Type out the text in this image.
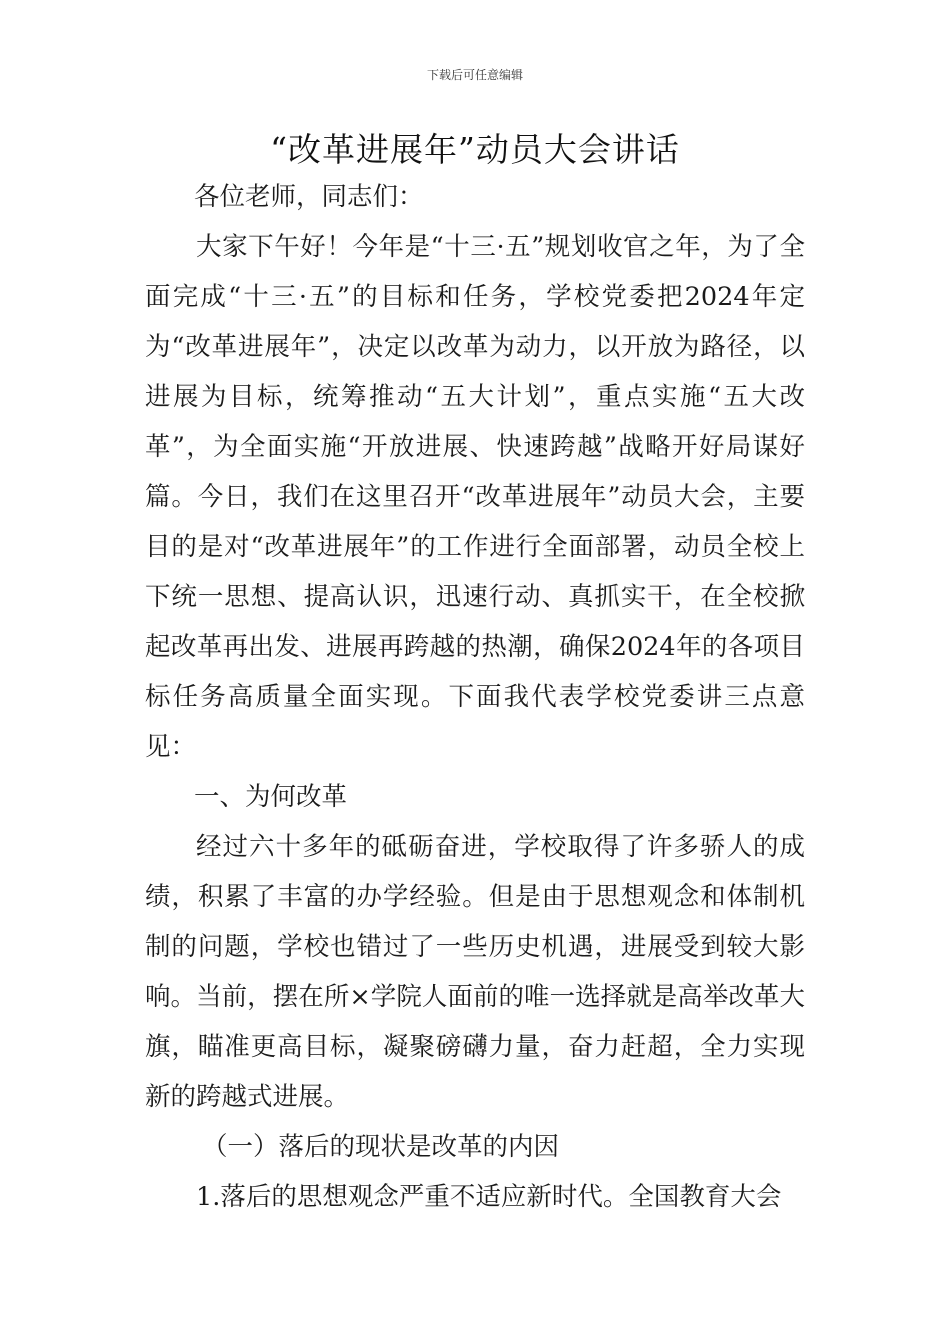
下载后可任意编辑
“改革进展年”动员大会讲话

各位老师，同志们：

大家下午好！今年是“十三·五”规划收官之年，为了全面完成“十三·五”的目标和任务，学校党委把2024年定为“改革进展年”，决定以改革为动力，以开放为路径，以进展为目标，统筹推动“五大计划”，重点实施“五大改革”，为全面实施“开放进展、快速跨越”战略开好局谋好篇。今日，我们在这里召开“改革进展年”动员大会，主要目的是对“改革进展年”的工作进行全面部署，动员全校上下统一思想、提高认识，迅速行动、真抓实干，在全校掀起改革再出发、进展再跨越的热潮，确保2024年的各项目标任务高质量全面实现。下面我代表学校党委讲三点意见：

一、为何改革

经过六十多年的砥砺奋进，学校取得了许多骄人的成绩，积累了丰富的办学经验。但是由于思想观念和体制机制的问题，学校也错过了一些历史机遇，进展受到较大影响。当前，摆在所×学院人面前的唯一选择就是高举改革大旗，瞄准更高目标，凝聚磅礴力量，奋力赶超，全力实现新的跨越式进展。

（一）落后的现状是改革的内因

1.落后的思想观念严重不适应新时代。全国教育大会
